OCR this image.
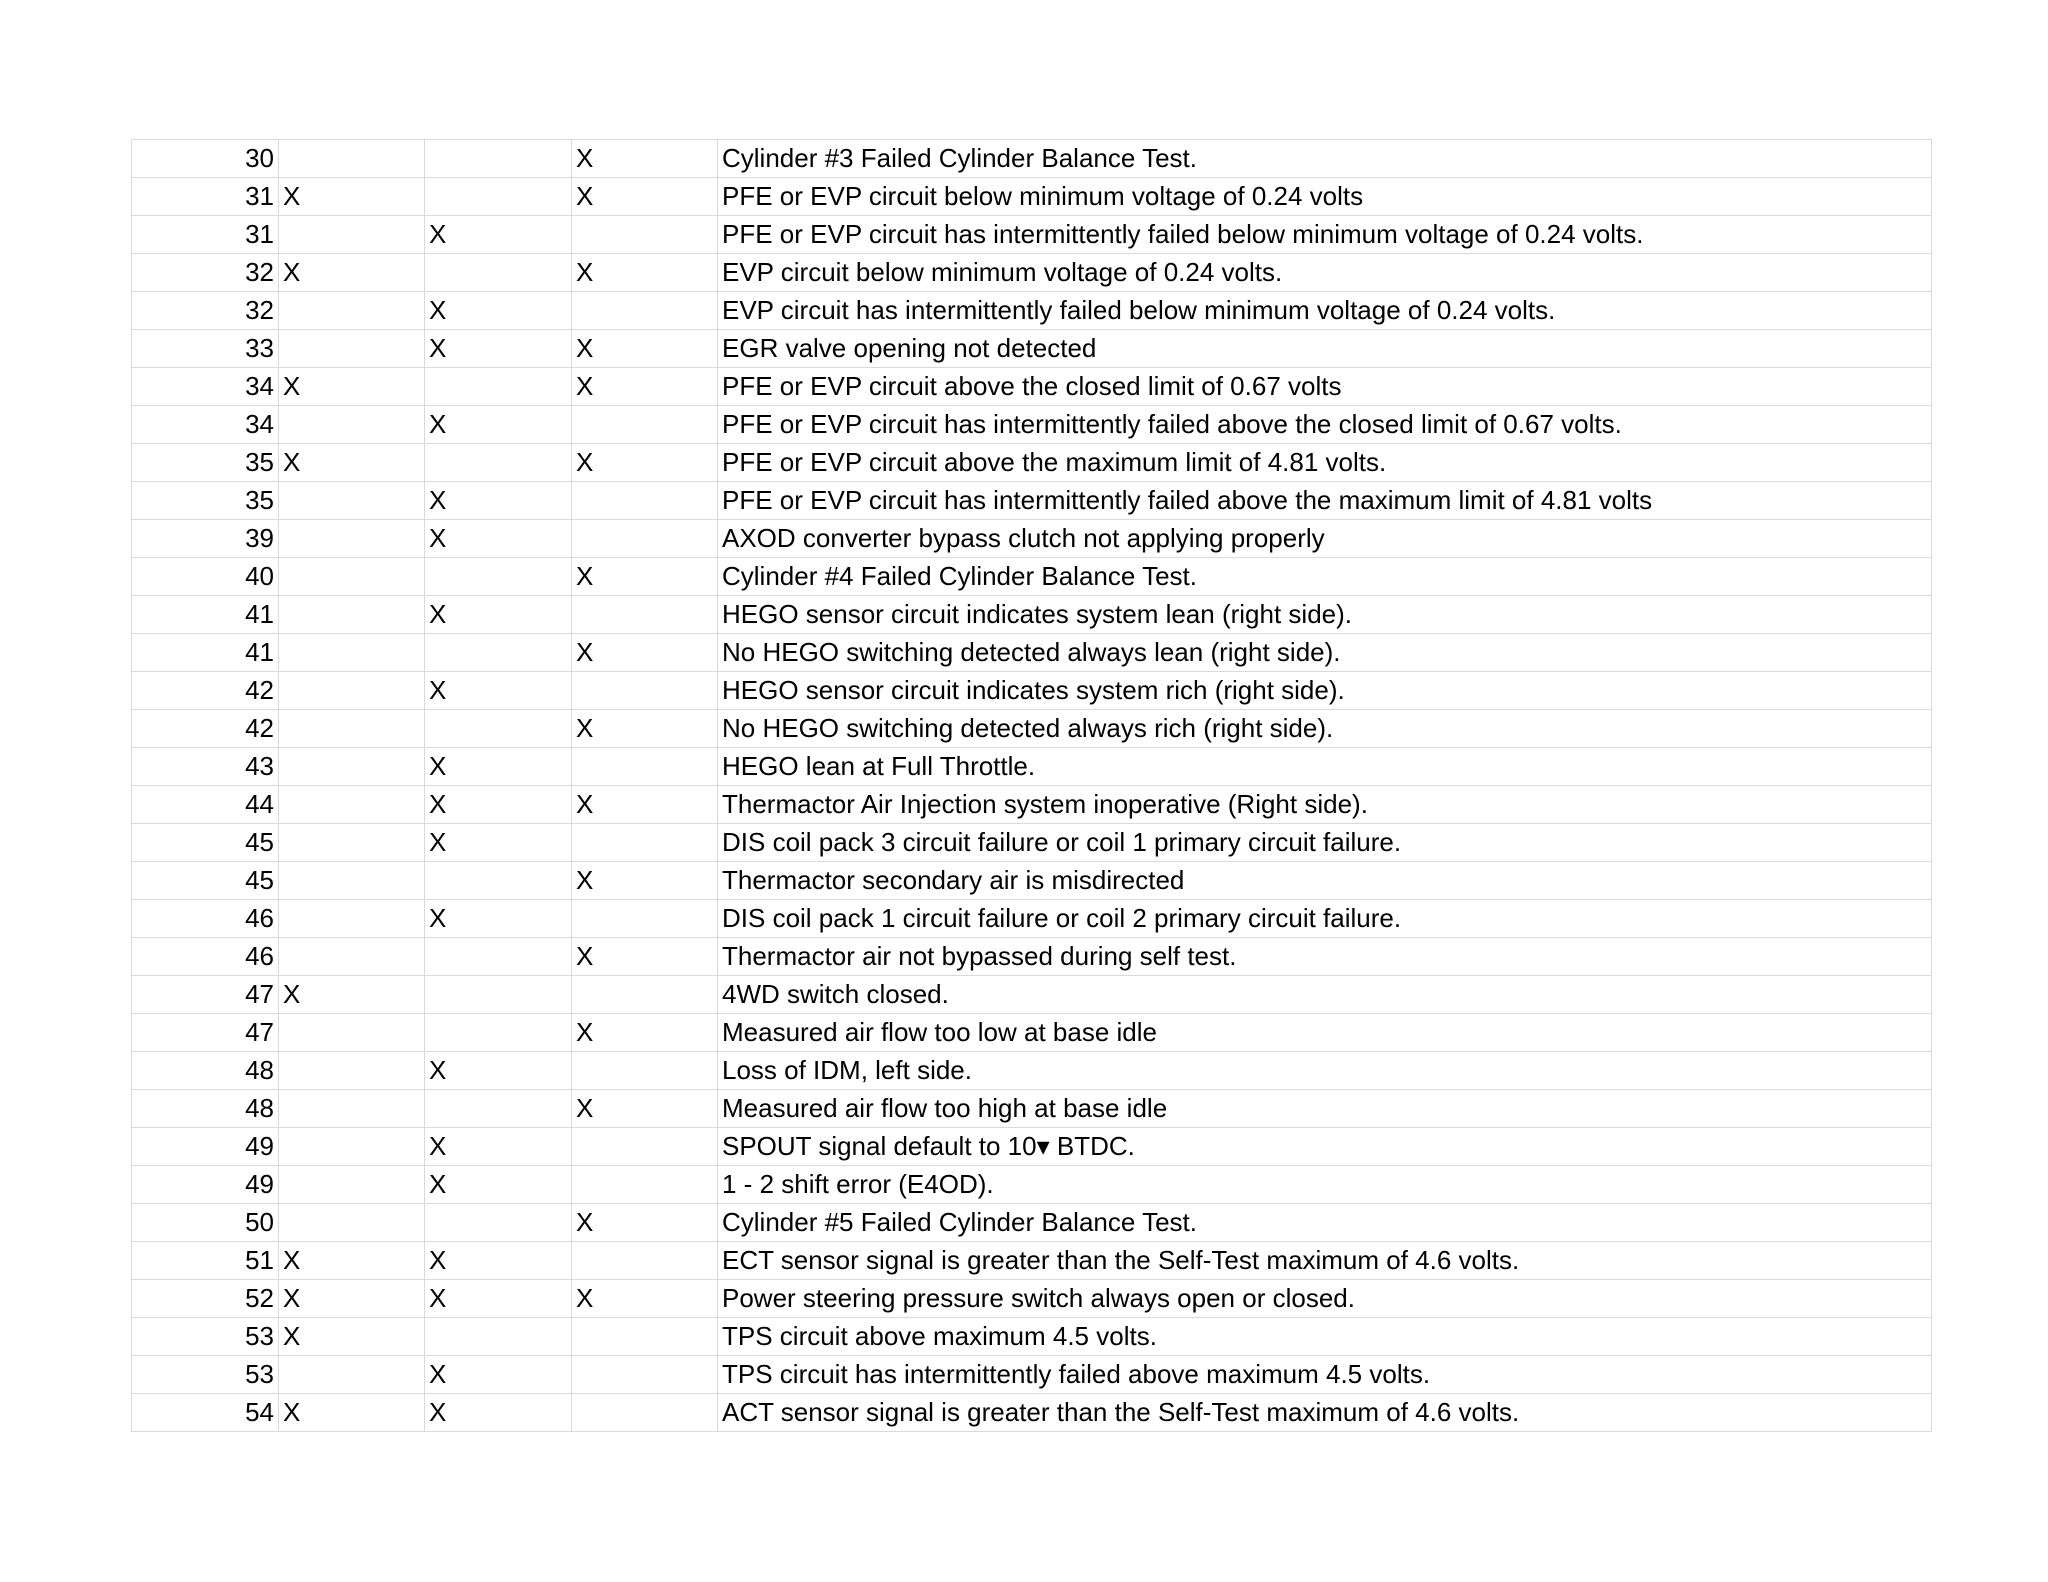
30			X	Cylinder #3 Failed Cylinder Balance Test.
31	X		X	PFE or EVP circuit below minimum voltage of 0.24 volts
31		X		PFE or EVP circuit has intermittently failed below minimum voltage of 0.24 volts.
32	X		X	EVP circuit below minimum voltage of 0.24 volts.
32		X		EVP circuit has intermittently failed below minimum voltage of 0.24 volts.
33		X	X	EGR valve opening not detected
34	X		X	PFE or EVP circuit above the closed limit of 0.67 volts
34		X		PFE or EVP circuit has intermittently failed above the closed limit of 0.67 volts.
35	X		X	PFE or EVP circuit above the maximum limit of 4.81 volts.
35		X		PFE or EVP circuit has intermittently failed above the maximum limit of 4.81 volts
39		X		AXOD converter bypass clutch not applying properly
40			X	Cylinder #4 Failed Cylinder Balance Test.
41		X		HEGO sensor circuit indicates system lean (right side).
41			X	No HEGO switching detected always lean (right side).
42		X		HEGO sensor circuit indicates system rich (right side).
42			X	No HEGO switching detected always rich (right side).
43		X		HEGO lean at Full Throttle.
44		X	X	Thermactor Air Injection system inoperative (Right side).
45		X		DIS coil pack 3 circuit failure or coil 1 primary circuit failure.
45			X	Thermactor secondary air is misdirected
46		X		DIS coil pack 1 circuit failure or coil 2 primary circuit failure.
46			X	Thermactor air not bypassed during self test.
47	X			4WD switch closed.
47			X	Measured air flow too low at base idle
48		X		Loss of IDM, left side.
48			X	Measured air flow too high at base idle
49		X		SPOUT signal default to 10▾ BTDC.
49		X		1 - 2 shift error (E4OD).
50			X	Cylinder #5 Failed Cylinder Balance Test.
51	X	X		ECT sensor signal is greater than the Self-Test maximum of 4.6 volts.
52	X	X	X	Power steering pressure switch always open or closed.
53	X			TPS circuit above maximum 4.5 volts.
53		X		TPS circuit has intermittently failed above maximum 4.5 volts.
54	X	X		ACT sensor signal is greater than the Self-Test maximum of 4.6 volts.
